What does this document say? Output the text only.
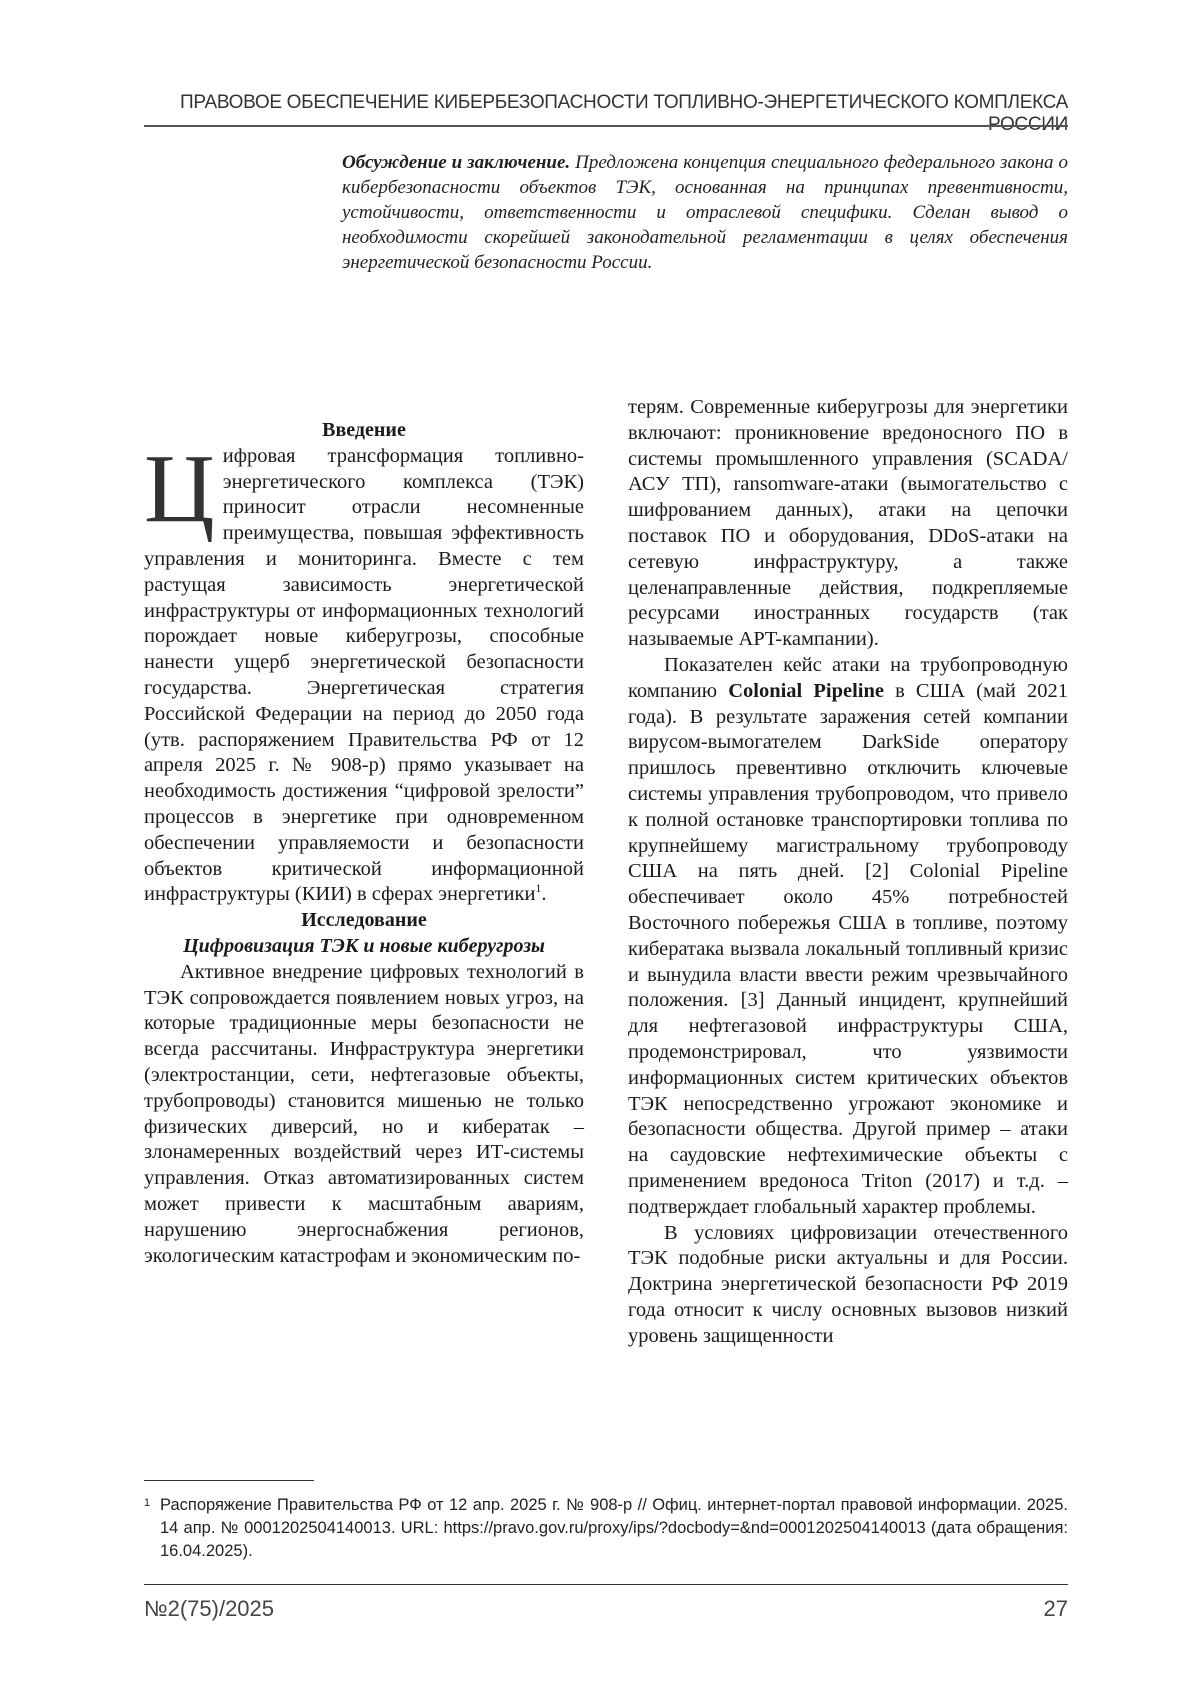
ПРАВОВОЕ ОБЕСПЕЧЕНИЕ КИБЕРБЕЗОПАСНОСТИ ТОПЛИВНО-ЭНЕРГЕТИЧЕСКОГО КОМПЛЕКСА РОССИИ
Обсуждение и заключение. Предложена концепция специального федерального закона о кибербезопасности объектов ТЭК, основанная на принципах превентивности, устойчивости, ответственности и отраслевой специфики. Сделан вывод о необходимости скорейшей законодательной регламентации в целях обеспечения энергетической безопасности России.

Введение

Цифровая трансформация топливно-энергетического комплекса (ТЭК) приносит отрасли несомненные преимущества, повышая эффективность управления и мониторинга. Вместе с тем растущая зависимость энергетической инфраструктуры от информационных технологий порождает новые киберугрозы, способные нанести ущерб энергетической безопасности государства. Энергетическая стратегия Российской Федерации на период до 2050 года (утв. распоряжением Правительства РФ от 12 апреля 2025 г. № 908-р) прямо указывает на необходимость достижения “цифровой зрелости” процессов в энергетике при одновременном обеспечении управляемости и безопасности объектов критической информационной инфраструктуры (КИИ) в сферах энергетики$^1$.

Исследование

Цифровизация ТЭК и новые киберугрозы

Активное внедрение цифровых технологий в ТЭК сопровождается появлением новых угроз, на которые традиционные меры безопасности не всегда рассчитаны. Инфраструктура энергетики (электростанции, сети, нефтегазовые объекты, трубопроводы) становится мишенью не только физических диверсий, но и кибератак – злонамеренных воздействий через ИТ-системы управления. Отказ автоматизированных систем может привести к масштабным авариям, нарушению энергоснабжения регионов, экологическим катастрофам и экономическим по-

терям. Современные киберугрозы для энергетики включают: проникновение вредоносного ПО в системы промышленного управления (SCADA/АСУ ТП), ransomware-атаки (вымогательство с шифрованием данных), атаки на цепочки поставок ПО и оборудования, DDoS-атаки на сетевую инфраструктуру, а также целенаправленные действия, подкрепляемые ресурсами иностранных государств (так называемые APT-кампании).

Показателен кейс атаки на трубопроводную компанию Colonial Pipeline в США (май 2021 года). В результате заражения сетей компании вирусом-вымогателем DarkSide оператору пришлось превентивно отключить ключевые системы управления трубопроводом, что привело к полной остановке транспортировки топлива по крупнейшему магистральному трубопроводу США на пять дней. [2] Colonial Pipeline обеспечивает около 45% потребностей Восточного побережья США в топливе, поэтому кибератака вызвала локальный топливный кризис и вынудила власти ввести режим чрезвычайного положения. [3] Данный инцидент, крупнейший для нефтегазовой инфраструктуры США, продемонстрировал, что уязвимости информационных систем критических объектов ТЭК непосредственно угрожают экономике и безопасности общества. Другой пример – атаки на саудовские нефтехимические объекты с применением вредоноса Triton (2017) и т.д. – подтверждает глобальный характер проблемы.

В условиях цифровизации отечественного ТЭК подобные риски актуальны и для России. Доктрина энергетической безопасности РФ 2019 года относит к числу основных вызовов низкий уровень защищенности

1 Распоряжение Правительства РФ от 12 апр. 2025 г. № 908-р // Офиц. интернет-портал правовой информации. 2025. 14 апр. № 0001202504140013. URL: https://pravo.gov.ru/proxy/ips/?docbody=&nd=0001202504140013 (дата обращения: 16.04.2025).
№2(75)/2025	27
